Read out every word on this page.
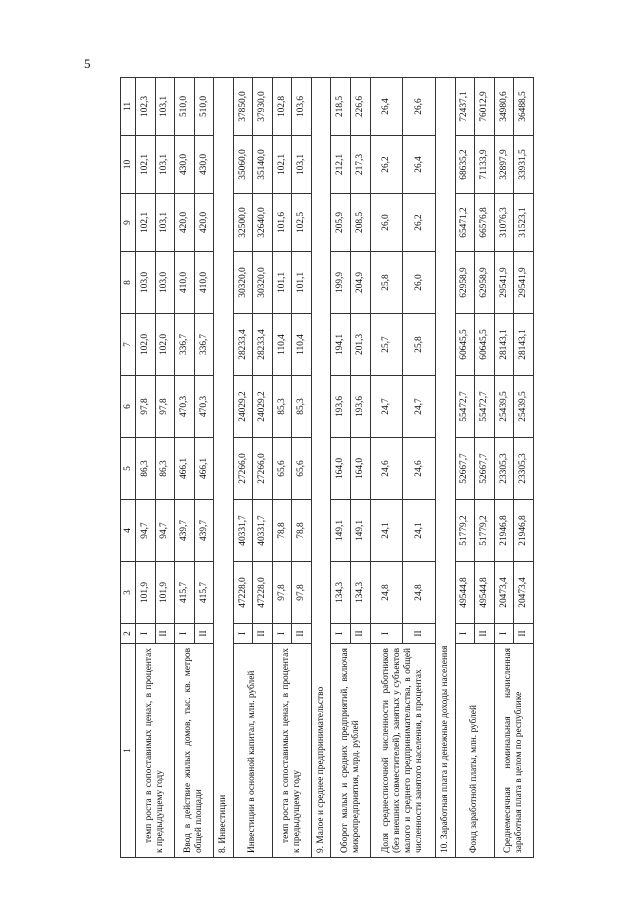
5
1	2	3	4	5	6	7	8	9	10	11
темп роста в сопоставимых ценах, в процентах к предыдущему году	I	101,9	94,7	86,3	97,8	102,0	103,0	102,1	102,1	102,3
	II	101,9	94,7	86,3	97,8	102,0	103,0	103,1	103,1	103,1
Ввод в действие жилых домов, тыс. кв. метров общей площади	I	415,7	439,7	466,1	470,3	336,7	410,0	420,0	430,0	510,0
	II	415,7	439,7	466,1	470,3	336,7	410,0	420,0	430,0	510,0
8. Инвестиции										
Инвестиции в основной капитал, млн. рублей	I	47228,0	40331,7	27266,0	24029,2	28233,4	30320,0	32500,0	35060,0	37850,0
	II	47228,0	40331,7	27266,0	24029,2	28233,4	30320,0	32640,0	35140,0	37930,0
темп роста в сопоставимых ценах, в процентах к предыдущему году	I	97,8	78,8	65,6	85,3	110,4	101,1	101,6	102,1	102,8
	II	97,8	78,8	65,6	85,3	110,4	101,1	102,5	103,1	103,6
9. Малое и среднее предпринимательство										
Оборот малых и средних предприятий, включая микропредприятия, млрд. рублей	I	134,3	149,1	164,0	193,6	194,1	199,9	205,9	212,1	218,5
	II	134,3	149,1	164,0	193,6	201,3	204,9	208,5	217,3	226,6
Доля среднесписочной численности работников (без внешних совместителей), занятых у субъектов малого и среднего предпринимательства, в общей численности занятого населения, в процентах	I	24,8	24,1	24,6	24,7	25,7	25,8	26,0	26,2	26,4
	II	24,8	24,1	24,6	24,7	25,8	26,0	26,2	26,4	26,6
10. Заработная плата и денежные доходы населения										
Фонд заработной платы, млн. рублей	I	49544,8	51779,2	52667,7	55472,7	60645,5	62958,9	65471,2	68635,2	72437,1
	II	49544,8	51779,2	52667,7	55472,7	60645,5	62958,9	66576,8	71133,9	76012,9
Среднемесячная номинальная начисленная заработная плата в целом по республике	I	20473,4	21946,8	23305,3	25439,5	28143,1	29541,9	31076,3	32897,9	34980,6
	II	20473,4	21946,8	23305,3	25439,5	28143,1	29541,9	31523,1	33931,5	36488,5
